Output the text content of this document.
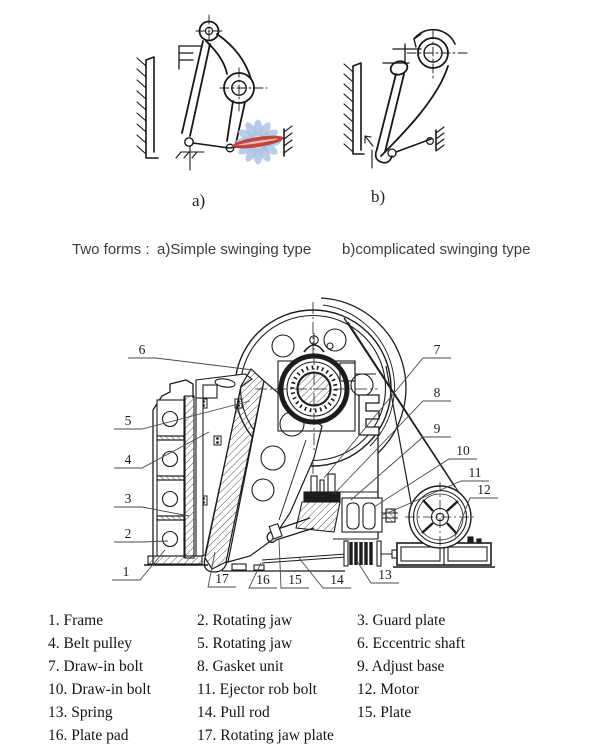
a)	b)
Two forms : a)Simple swinging type b)complicated swinging type
1
2
3
4
5
6	7
8
9
10
11
12
13
14
15
16
17
1. Frame	2. Rotating jaw	3. Guard plate
4. Belt pulley	5. Rotating jaw	6. Eccentric shaft
7. Draw-in bolt	8. Gasket unit	9. Adjust base
10. Draw-in bolt	11. Ejector rob bolt	12. Motor
13. Spring	14. Pull rod	15. Plate
16. Plate pad	17. Rotating jaw plate
